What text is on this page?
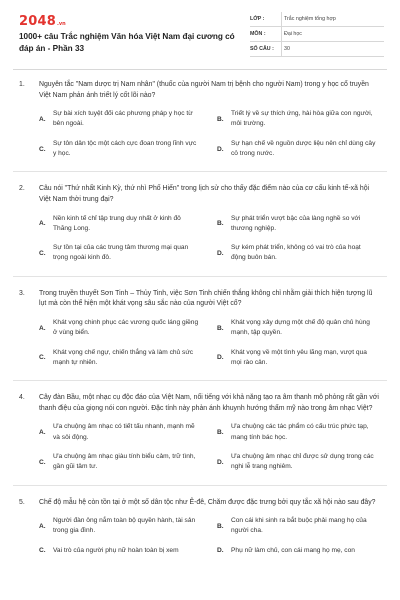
2048 .vn
1000+ câu Trắc nghiệm Văn hóa Việt Nam đại cương có đáp án - Phần 33
LỚP :	Trắc nghiệm tổng hợp
MÔN :	Đại học
SỐ CÂU :	30
1.	Nguyên tắc "Nam dược trị Nam nhân" (thuốc của người Nam trị bệnh cho người Nam) trong y học cổ truyền Việt Nam phản ánh triết lý cốt lõi nào?
A.
Sự bài xích tuyệt đối các phương pháp y học từ bên ngoài.
B.
Triết lý về sự thích ứng, hài hòa giữa con người, môi trường.
C.
Sự tôn dân tộc một cách cực đoan trong lĩnh vực y học.
D.
Sự hạn chế về nguồn dược liệu nên chỉ dùng cây cỏ trong nước.
2.	Câu nói "Thứ nhất Kinh Kỳ, thứ nhì Phố Hiến" trong lịch sử cho thấy đặc điểm nào của cơ cấu kinh tế-xã hội Việt Nam thời trung đại?
A.
Nền kinh tế chỉ tập trung duy nhất ở kinh đô Thăng Long.
B.
Sự phát triển vượt bậc của làng nghề so với thương nghiệp.
C.
Sự tồn tại của các trung tâm thương mại quan trọng ngoài kinh đô.
D.
Sự kém phát triển, không có vai trò của hoạt động buôn bán.
3.	Trong truyền thuyết Sơn Tinh – Thủy Tinh, việc Sơn Tinh chiến thắng không chỉ nhằm giải thích hiện tượng lũ lụt mà còn thể hiện một khát vọng sâu sắc nào của người Việt cổ?
A.
Khát vọng chinh phục các vương quốc láng giềng ở vùng biển.
B.
Khát vọng xây dựng một chế độ quân chủ hùng mạnh, tập quyền.
C.
Khát vọng chế ngự, chiến thắng và làm chủ sức mạnh tự nhiên.
D.
Khát vọng về một tình yêu lãng mạn, vượt qua mọi rào cản.
4.	Cây đàn Bầu, một nhạc cụ độc đáo của Việt Nam, nổi tiếng với khả năng tạo ra âm thanh mô phỏng rất gần với thanh điệu của giọng nói con người. Đặc tính này phản ánh khuynh hướng thẩm mỹ nào trong âm nhạc Việt?
A.
Ưa chuộng âm nhạc có tiết tấu nhanh, mạnh mẽ và sôi động.
B.
Ưa chuộng các tác phẩm có cấu trúc phức tạp, mang tính bác học.
C.
Ưa chuộng âm nhạc giàu tính biểu cảm, trữ tình, gần gũi tâm tư.
D.
Ưa chuộng âm nhạc chỉ được sử dụng trong các nghi lễ trang nghiêm.
5.	Chế độ mẫu hệ còn tồn tại ở một số dân tộc như Ê-đê, Chăm được đặc trưng bởi quy tắc xã hội nào sau đây?
A.
Người đàn ông nắm toàn bộ quyền hành, tài sản trong gia đình.
B.
Con cái khi sinh ra bắt buộc phải mang họ của người cha.
C.	Vai trò của người phụ nữ hoàn toàn bị xem	D.	Phụ nữ làm chủ, con cái mang họ mẹ, con
